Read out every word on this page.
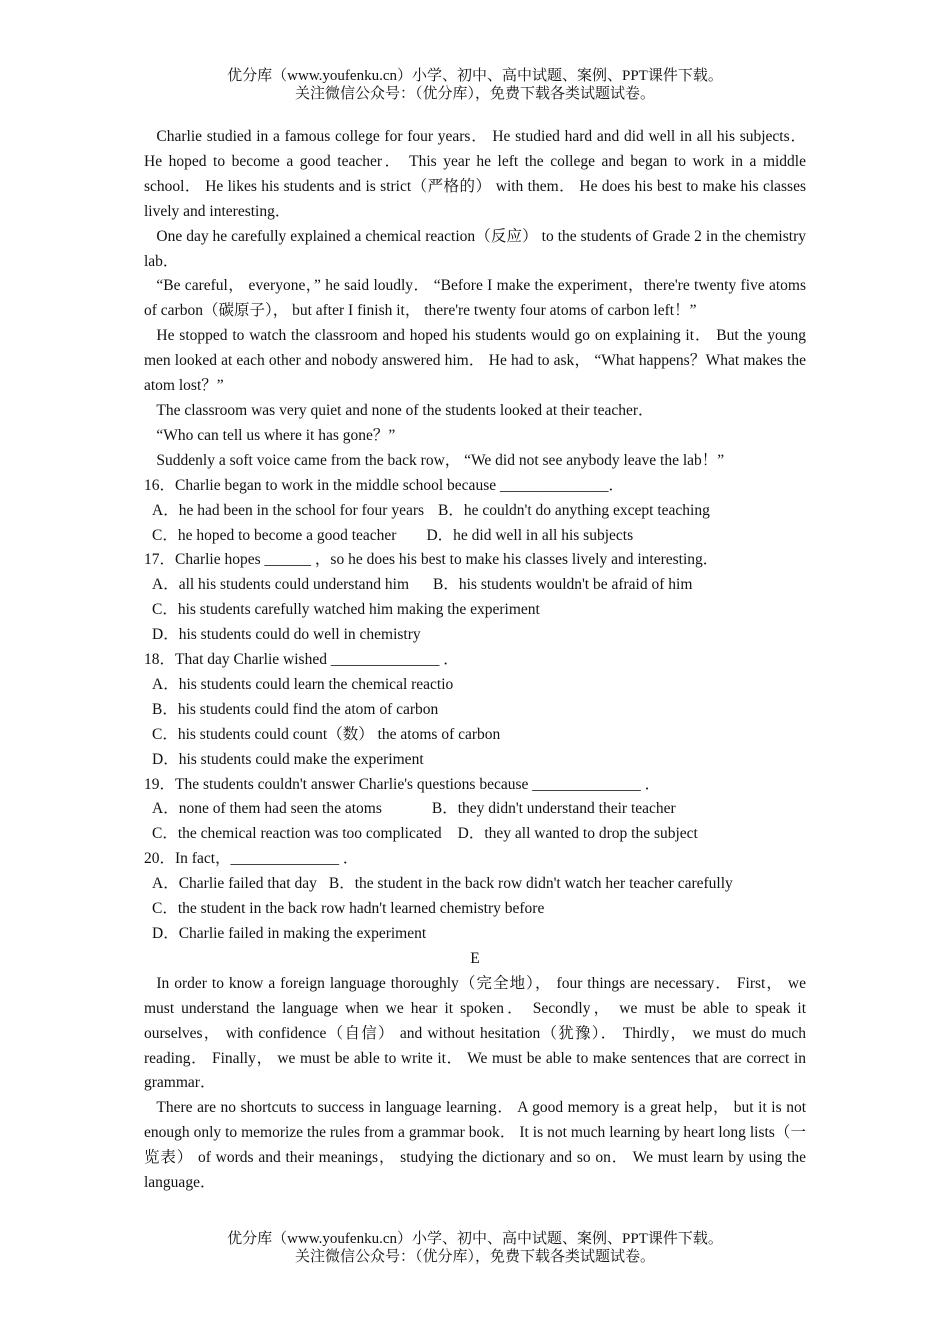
优分库（www.youfenku.cn）小学、初中、高中试题、案例、PPT课件下载。
关注微信公众号：（优分库），免费下载各类试题试卷。

Charlie studied in a famous college for four years． He studied hard and did well in all his subjects． He hoped to become a good teacher． This year he left the college and began to work in a middle school． He likes his students and is strict（严格的） with them． He does his best to make his classes lively and interesting．

One day he carefully explained a chemical reaction（反应） to the students of Grade 2 in the chemistry lab．

“Be careful， everyone，” he said loudly． “Before I make the experiment，there're twenty five atoms of carbon（碳原子）， but after I finish it， there're twenty four atoms of carbon left！”

He stopped to watch the classroom and hoped his students would go on explaining it． But the young men looked at each other and nobody answered him． He had to ask， “What happens？What makes the atom lost？”

The classroom was very quiet and none of the students looked at their teacher．

“Who can tell us where it has gone？”

Suddenly a soft voice came from the back row， “We did not see anybody leave the lab！”

16．Charlie began to work in the middle school because ______________．

A．he had been in the school for four years B．he couldn't do anything except teaching

C．he hoped to become a good teacher D．he did well in all his subjects

17．Charlie hopes ______ ，so he does his best to make his classes lively and interesting．

A．all his students could understand him B．his students wouldn't be afraid of him

C．his students carefully watched him making the experiment

D．his students could do well in chemistry

18．That day Charlie wished ______________ ．

A．his students could learn the chemical reactio

B．his students could find the atom of carbon

C．his students could count（数） the atoms of carbon

D．his students could make the experiment

19．The students couldn't answer Charlie's questions because ______________ ．

A．none of them had seen the atoms	B．they didn't understand their teacher

C．the chemical reaction was too complicated D．they all wanted to drop the subject

20．In fact，______________ ．

A．Charlie failed that day B．the student in the back row didn't watch her teacher carefully

C．the student in the back row hadn't learned chemistry before

D．Charlie failed in making the experiment

E

In order to know a foreign language thoroughly（完全地）， four things are necessary． First， we must understand the language when we hear it spoken． Secondly， we must be able to speak it ourselves， with confidence（自信） and without hesitation（犹豫）． Thirdly， we must do much reading． Finally， we must be able to write it． We must be able to make sentences that are correct in grammar．

There are no shortcuts to success in language learning． A good memory is a great help， but it is not enough only to memorize the rules from a grammar book． It is not much learning by heart long lists（一览表） of words and their meanings， studying the dictionary and so on． We must learn by using the language．

优分库（www.youfenku.cn）小学、初中、高中试题、案例、PPT课件下载。
关注微信公众号：（优分库），免费下载各类试题试卷。
